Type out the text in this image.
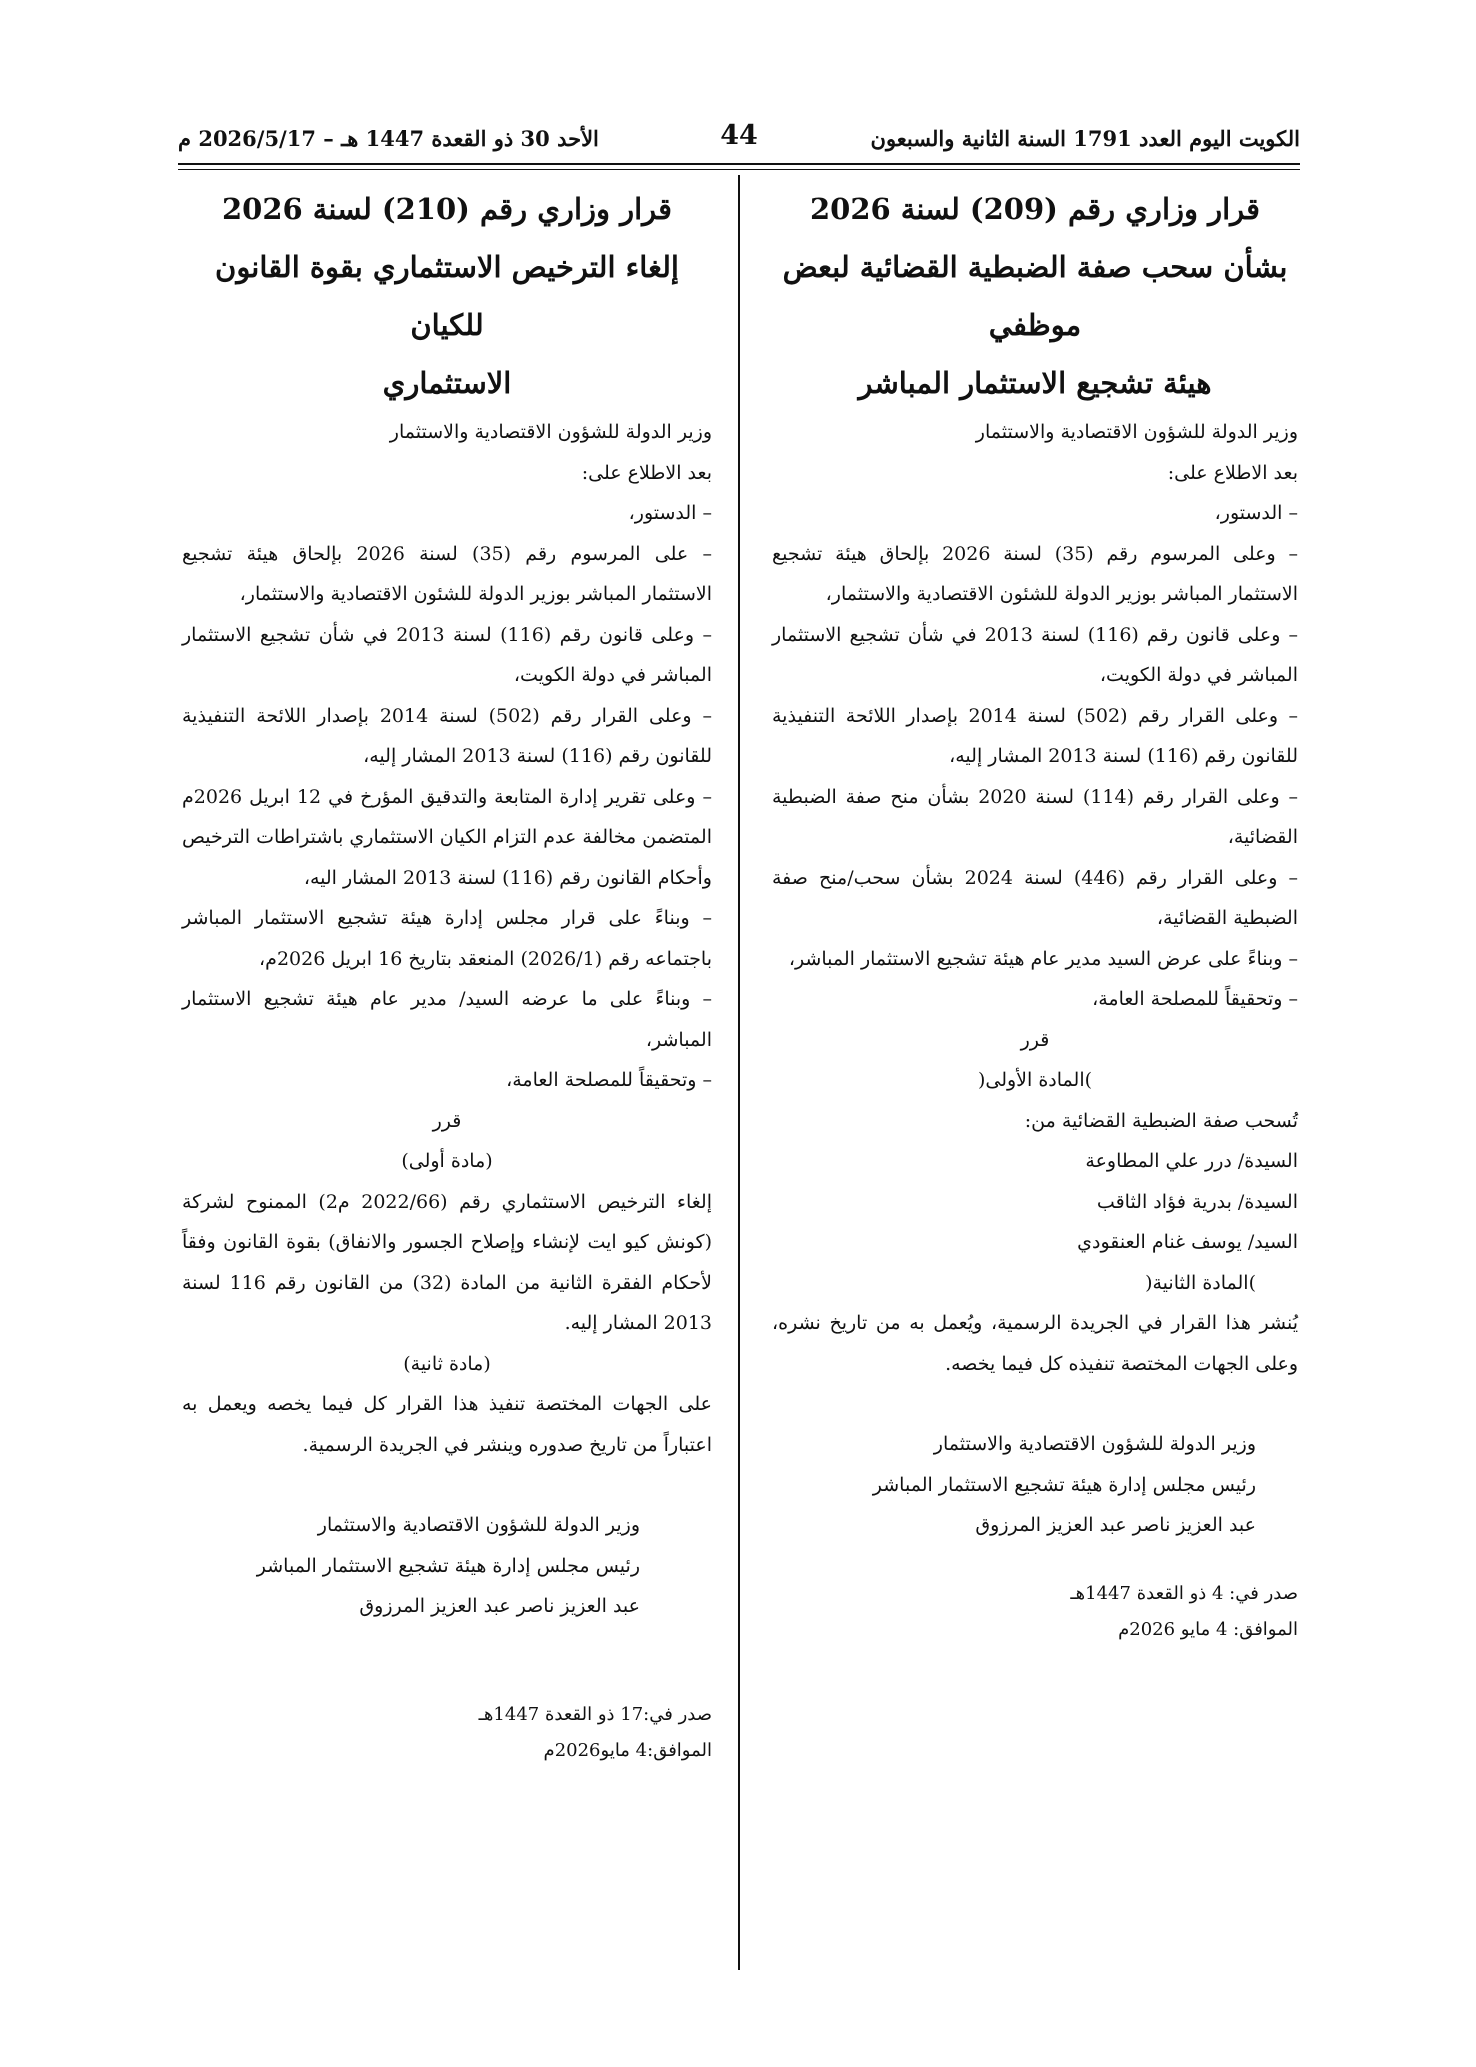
الكويت اليوم العدد 1791 السنة الثانية والسبعون
44
الأحد 30 ذو القعدة 1447 هـ – 2026/5/17 م
قرار وزاري رقم (209) لسنة 2026
بشأن سحب صفة الضبطية القضائية لبعض موظفي
هيئة تشجيع الاستثمار المباشر

وزير الدولة للشؤون الاقتصادية والاستثمار

بعد الاطلاع على:

– الدستور،

– وعلى المرسوم رقم (35) لسنة 2026 بإلحاق هيئة تشجيع الاستثمار المباشر بوزير الدولة للشئون الاقتصادية والاستثمار،

– وعلى قانون رقم (116) لسنة 2013 في شأن تشجيع الاستثمار المباشر في دولة الكويت،

– وعلى القرار رقم (502) لسنة 2014 بإصدار اللائحة التنفيذية للقانون رقم (116) لسنة 2013 المشار إليه،

– وعلى القرار رقم (114) لسنة 2020 بشأن منح صفة الضبطية القضائية،

– وعلى القرار رقم (446) لسنة 2024 بشأن سحب/منح صفة الضبطية القضائية،

– وبناءً على عرض السيد مدير عام هيئة تشجيع الاستثمار المباشر،

– وتحقيقاً للمصلحة العامة،

قرر

)المادة الأولى(

تُسحب صفة الضبطية القضائية من:

السيدة/ درر علي المطاوعة

السيدة/ بدرية فؤاد الثاقب

السيد/ يوسف غنام العنقودي

)المادة الثانية(

يُنشر هذا القرار في الجريدة الرسمية، ويُعمل به من تاريخ نشره، وعلى الجهات المختصة تنفيذه كل فيما يخصه.

وزير الدولة للشؤون الاقتصادية والاستثمار

رئيس مجلس إدارة هيئة تشجيع الاستثمار المباشر

عبد العزيز ناصر عبد العزيز المرزوق

صدر في: 4 ذو القعدة 1447هـ

الموافق: 4 مايو 2026م

قرار وزاري رقم (210) لسنة 2026
إلغاء الترخيص الاستثماري بقوة القانون للكيان
الاستثماري

وزير الدولة للشؤون الاقتصادية والاستثمار

بعد الاطلاع على:

– الدستور،

– على المرسوم رقم (35) لسنة 2026 بإلحاق هيئة تشجيع الاستثمار المباشر بوزير الدولة للشئون الاقتصادية والاستثمار،

– وعلى قانون رقم (116) لسنة 2013 في شأن تشجيع الاستثمار المباشر في دولة الكويت،

– وعلى القرار رقم (502) لسنة 2014 بإصدار اللائحة التنفيذية للقانون رقم (116) لسنة 2013 المشار إليه،

– وعلى تقرير إدارة المتابعة والتدقيق المؤرخ في 12 ابريل 2026م المتضمن مخالفة عدم التزام الكيان الاستثماري باشتراطات الترخيص وأحكام القانون رقم (116) لسنة 2013 المشار اليه،

– وبناءً على قرار مجلس إدارة هيئة تشجيع الاستثمار المباشر باجتماعه رقم (2026/1) المنعقد بتاريخ 16 ابريل 2026م،

– وبناءً على ما عرضه السيد/ مدير عام هيئة تشجيع الاستثمار المباشر،

– وتحقيقاً للمصلحة العامة،

قرر

(مادة أولى)

إلغاء الترخيص الاستثماري رقم (2022/66 م2) الممنوح لشركة (كونش كيو ايت لإنشاء وإصلاح الجسور والانفاق) بقوة القانون وفقاً لأحكام الفقرة الثانية من المادة (32) من القانون رقم 116 لسنة 2013 المشار إليه.

(مادة ثانية)

على الجهات المختصة تنفيذ هذا القرار كل فيما يخصه ويعمل به اعتباراً من تاريخ صدوره وينشر في الجريدة الرسمية.

وزير الدولة للشؤون الاقتصادية والاستثمار

رئيس مجلس إدارة هيئة تشجيع الاستثمار المباشر

عبد العزيز ناصر عبد العزيز المرزوق

صدر في:17 ذو القعدة 1447هـ

الموافق:4 مايو2026م
